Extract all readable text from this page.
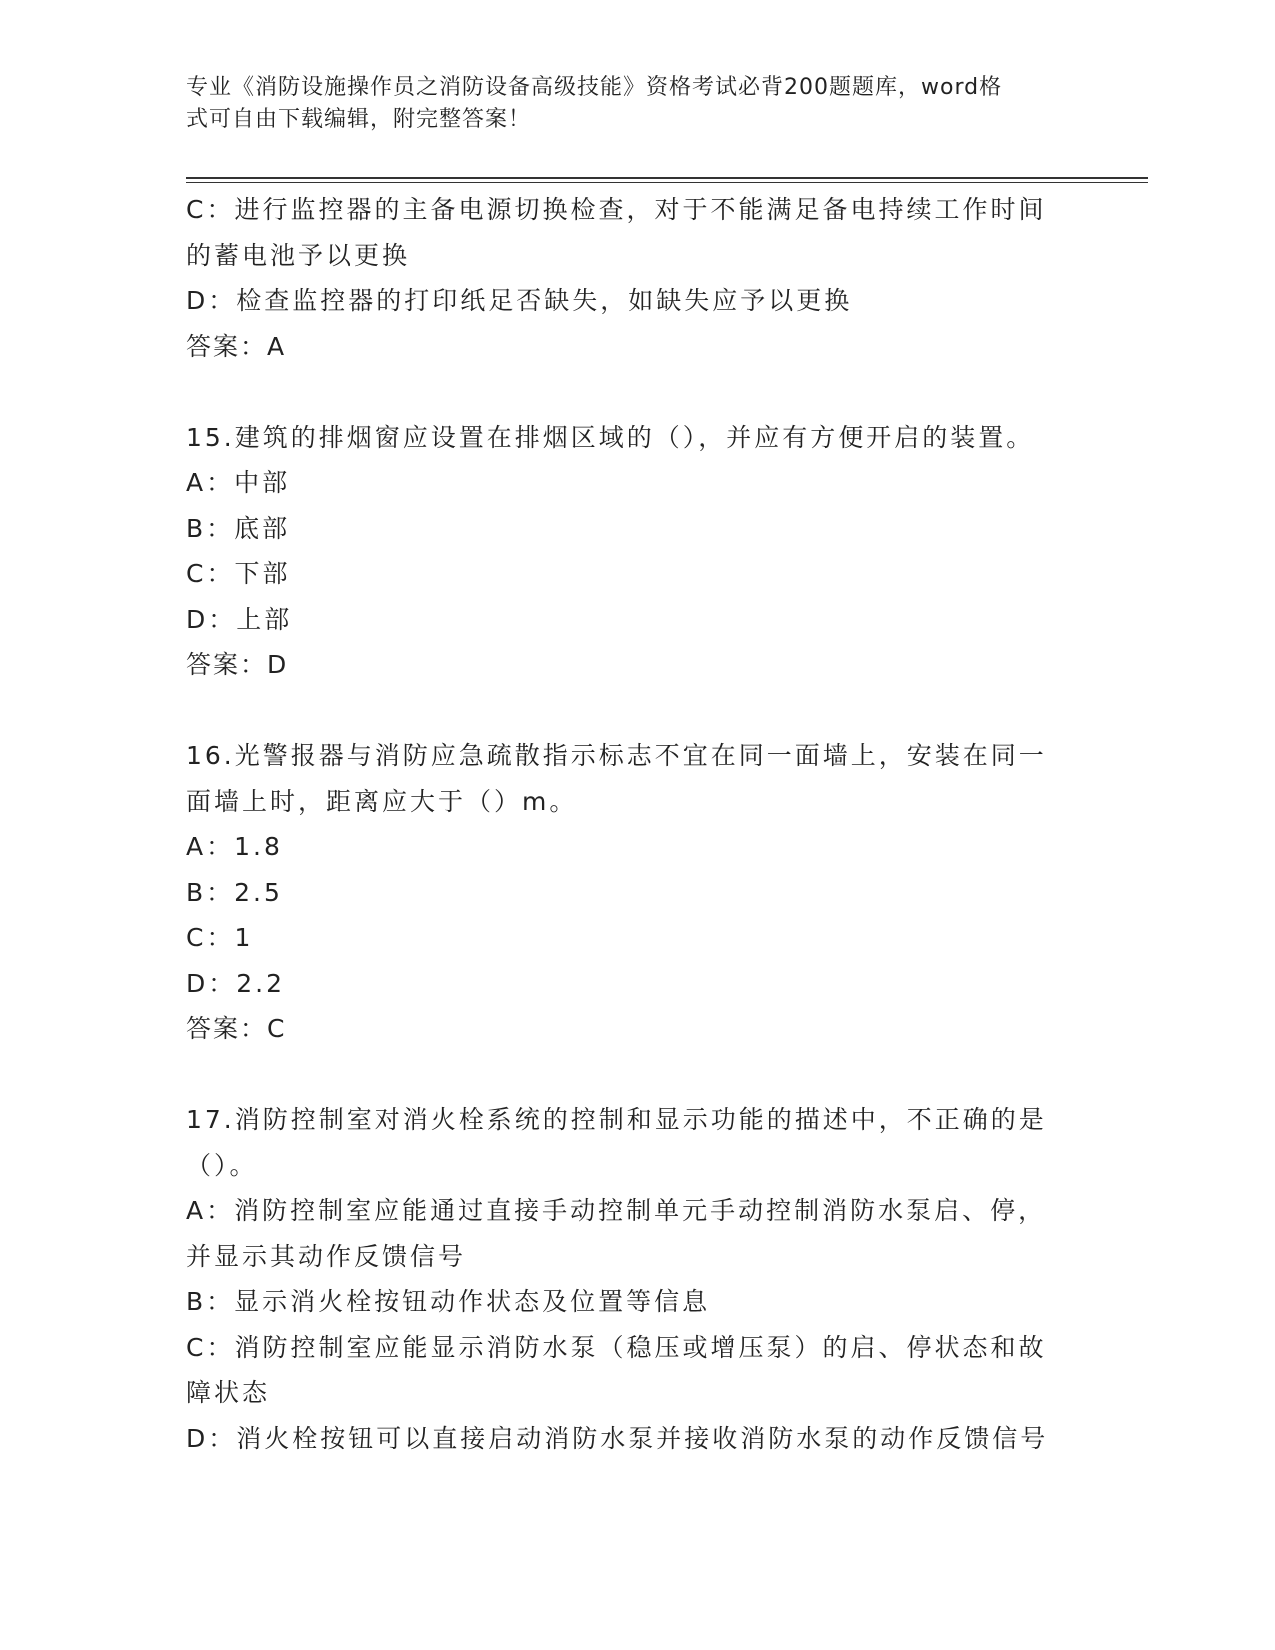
专业《消防设施操作员之消防设备高级技能》资格考试必背200题题库，word格
式可自由下载编辑，附完整答案！
C：进行监控器的主备电源切换检查，对于不能满足备电持续工作时间
的蓄电池予以更换
D：检查监控器的打印纸足否缺失，如缺失应予以更换
答案：A
15.建筑的排烟窗应设置在排烟区域的（），并应有方便开启的装置。
A：中部
B：底部
C：下部
D：上部
答案：D
16.光警报器与消防应急疏散指示标志不宜在同一面墙上，安装在同一
面墙上时，距离应大于（）m。
A：1.8
B：2.5
C：1
D：2.2
答案：C
17.消防控制室对消火栓系统的控制和显示功能的描述中，不正确的是
（）。
A：消防控制室应能通过直接手动控制单元手动控制消防水泵启、停，
并显示其动作反馈信号
B：显示消火栓按钮动作状态及位置等信息
C：消防控制室应能显示消防水泵（稳压或增压泵）的启、停状态和故
障状态
D：消火栓按钮可以直接启动消防水泵并接收消防水泵的动作反馈信号
